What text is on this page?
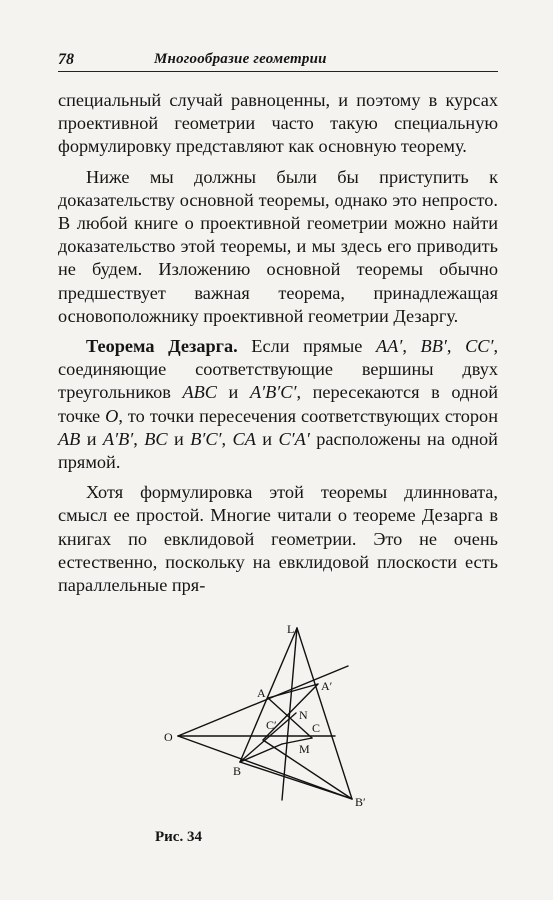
78	Многообразие геометрии

специальный случай равноценны, и поэтому в курсах проективной геометрии часто такую специальную формулировку представляют как основную теорему.

Ниже мы должны были бы приступить к доказательству основной теоремы, однако это непросто. В любой книге о проективной геометрии можно найти доказательство этой теоремы, и мы здесь его приводить не будем. Изложению основной теоремы обычно предшествует важная теорема, принадлежащая основоположнику проективной геометрии Дезаргу.

Теорема Дезарга. Если прямые AA′, BB′, CC′, соединяющие соответствующие вершины двух треугольников ABC и A′B′C′, пересекаются в одной точке O, то точки пересечения соответствующих сторон AB и A′B′, BC и B′C′, CA и C′A′ расположены на одной прямой.

Хотя формулировка этой теоремы длинновата, смысл ее простой. Многие читали о теореме Дезарга в книгах по евклидовой геометрии. Это не очень естественно, поскольку на евклидовой плоскости есть параллельные пря-

L
A	A′
O
C′
N
C
M
B
B′
Рис. 34
